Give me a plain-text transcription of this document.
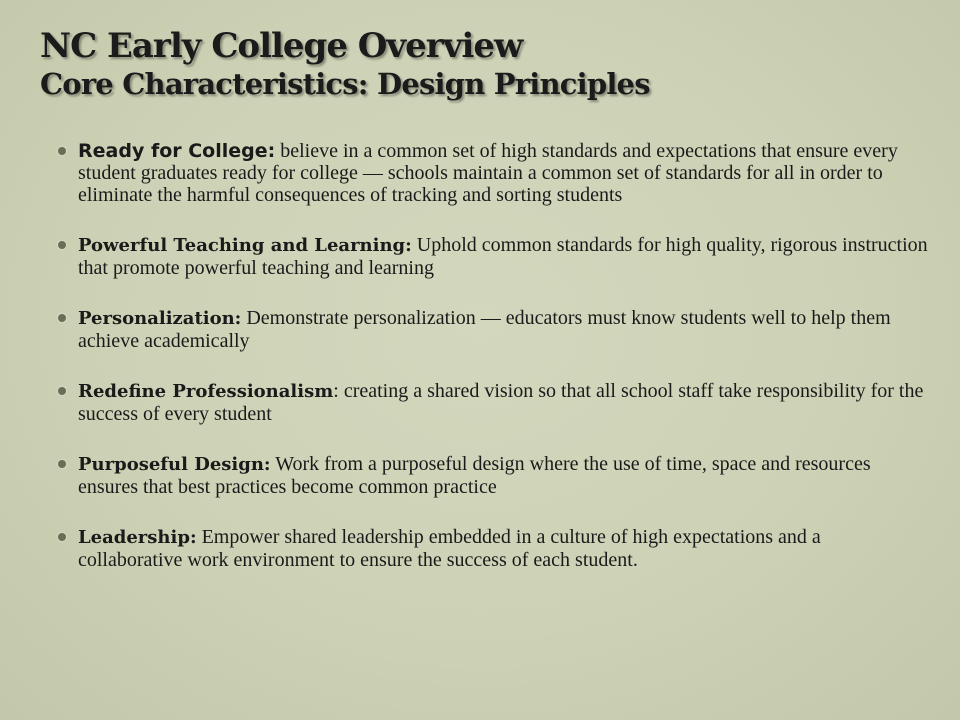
NC Early College Overview
Core Characteristics: Design Principles
Ready for College: believe in a common set of high standards and expectations that ensure every student graduates ready for college — schools maintain a common set of standards for all in order to eliminate the harmful consequences of tracking and sorting students
Powerful Teaching and Learning: Uphold common standards for high quality, rigorous instruction that promote powerful teaching and learning
Personalization: Demonstrate personalization — educators must know students well to help them achieve academically
Redefine Professionalism: creating a shared vision so that all school staff take responsibility for the success of every student
Purposeful Design: Work from a purposeful design where the use of time, space and resources ensures that best practices become common practice
Leadership: Empower shared leadership embedded in a culture of high expectations and a collaborative work environment to ensure the success of each student.
